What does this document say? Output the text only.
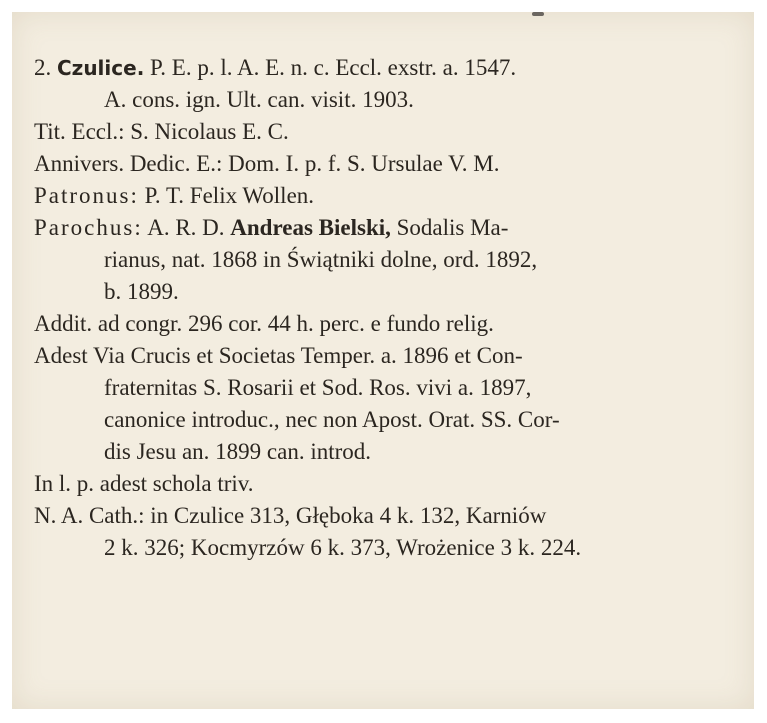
2. Czulice. P. E. p. l. A. E. n. c. Eccl. exstr. a. 1547.
A. cons. ign. Ult. can. visit. 1903.
Tit. Eccl.: S. Nicolaus E. C.
Annivers. Dedic. E.: Dom. I. p. f. S. Ursulae V. M.
Patronus: P. T. Felix Wollen.
Parochus: A. R. D. Andreas Bielski, Sodalis Ma-
rianus, nat. 1868 in Świątniki dolne, ord. 1892,
b. 1899.
Addit. ad congr. 296 cor. 44 h. perc. e fundo relig.
Adest Via Crucis et Societas Temper. a. 1896 et Con-
fraternitas S. Rosarii et Sod. Ros. vivi a. 1897,
canonice introduc., nec non Apost. Orat. SS. Cor-
dis Jesu an. 1899 can. introd.
In l. p. adest schola triv.
N. A. Cath.: in Czulice 313, Głęboka 4 k. 132, Karniów
2 k. 326; Kocmyrzów 6 k. 373, Wrożenice 3 k. 224.
